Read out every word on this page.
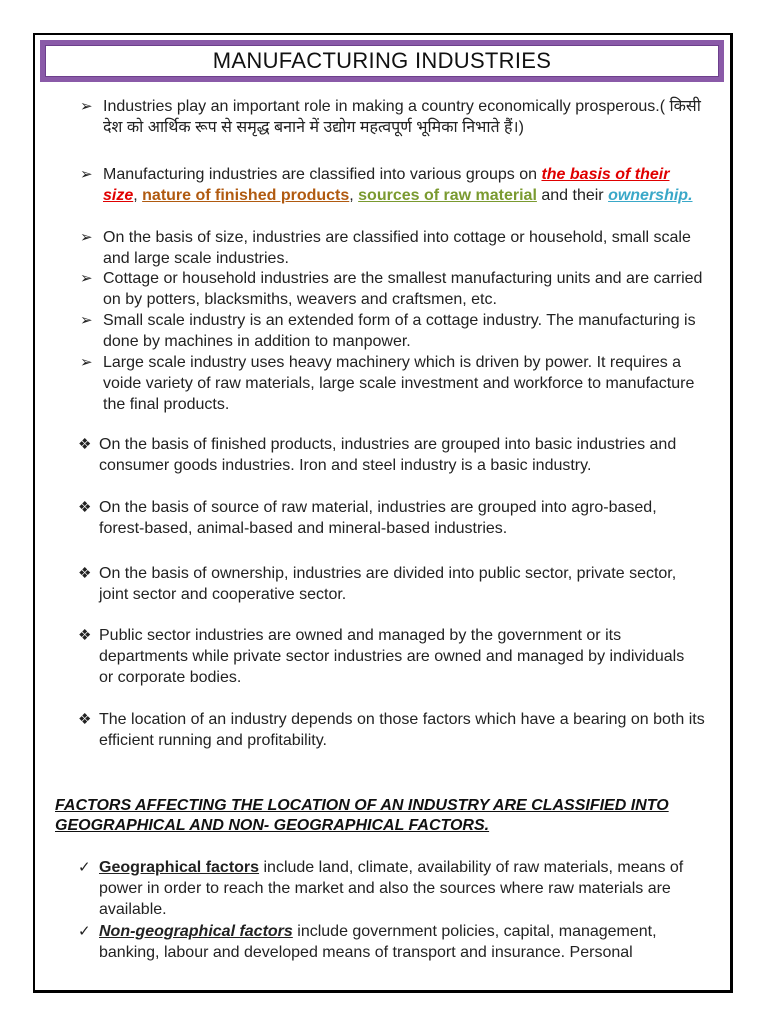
MANUFACTURING INDUSTRIES
➢ Industries play an important role in making a country economically prosperous.( किसी देश को आर्थिक रूप से समृद्ध बनाने में उद्योग महत्वपूर्ण भूमिका निभाते हैं।)
➢ Manufacturing industries are classified into various groups on the basis of their size, nature of finished products, sources of raw material and their ownership.
➢ On the basis of size, industries are classified into cottage or household, small scale and large scale industries.
➢ Cottage or household industries are the smallest manufacturing units and are carried on by potters, blacksmiths, weavers and craftsmen, etc.
➢ Small scale industry is an extended form of a cottage industry. The manufacturing is done by machines in addition to manpower.
➢ Large scale industry uses heavy machinery which is driven by power. It requires a voide variety of raw materials, large scale investment and workforce to manufacture the final products.
❖ On the basis of finished products, industries are grouped into basic industries and consumer goods industries. Iron and steel industry is a basic industry.
❖ On the basis of source of raw material, industries are grouped into agro-based, forest-based, animal-based and mineral-based industries.
❖ On the basis of ownership, industries are divided into public sector, private sector, joint sector and cooperative sector.
❖ Public sector industries are owned and managed by the government or its departments while private sector industries are owned and managed by individuals or corporate bodies.
❖ The location of an industry depends on those factors which have a bearing on both its efficient running and profitability.
FACTORS AFFECTING THE LOCATION OF AN INDUSTRY ARE CLASSIFIED INTO GEOGRAPHICAL AND NON- GEOGRAPHICAL FACTORS.
✓ Geographical factors include land, climate, availability of raw materials, means of power in order to reach the market and also the sources where raw materials are available.
✓ Non-geographical factors include government policies, capital, management, banking, labour and developed means of transport and insurance. Personal
